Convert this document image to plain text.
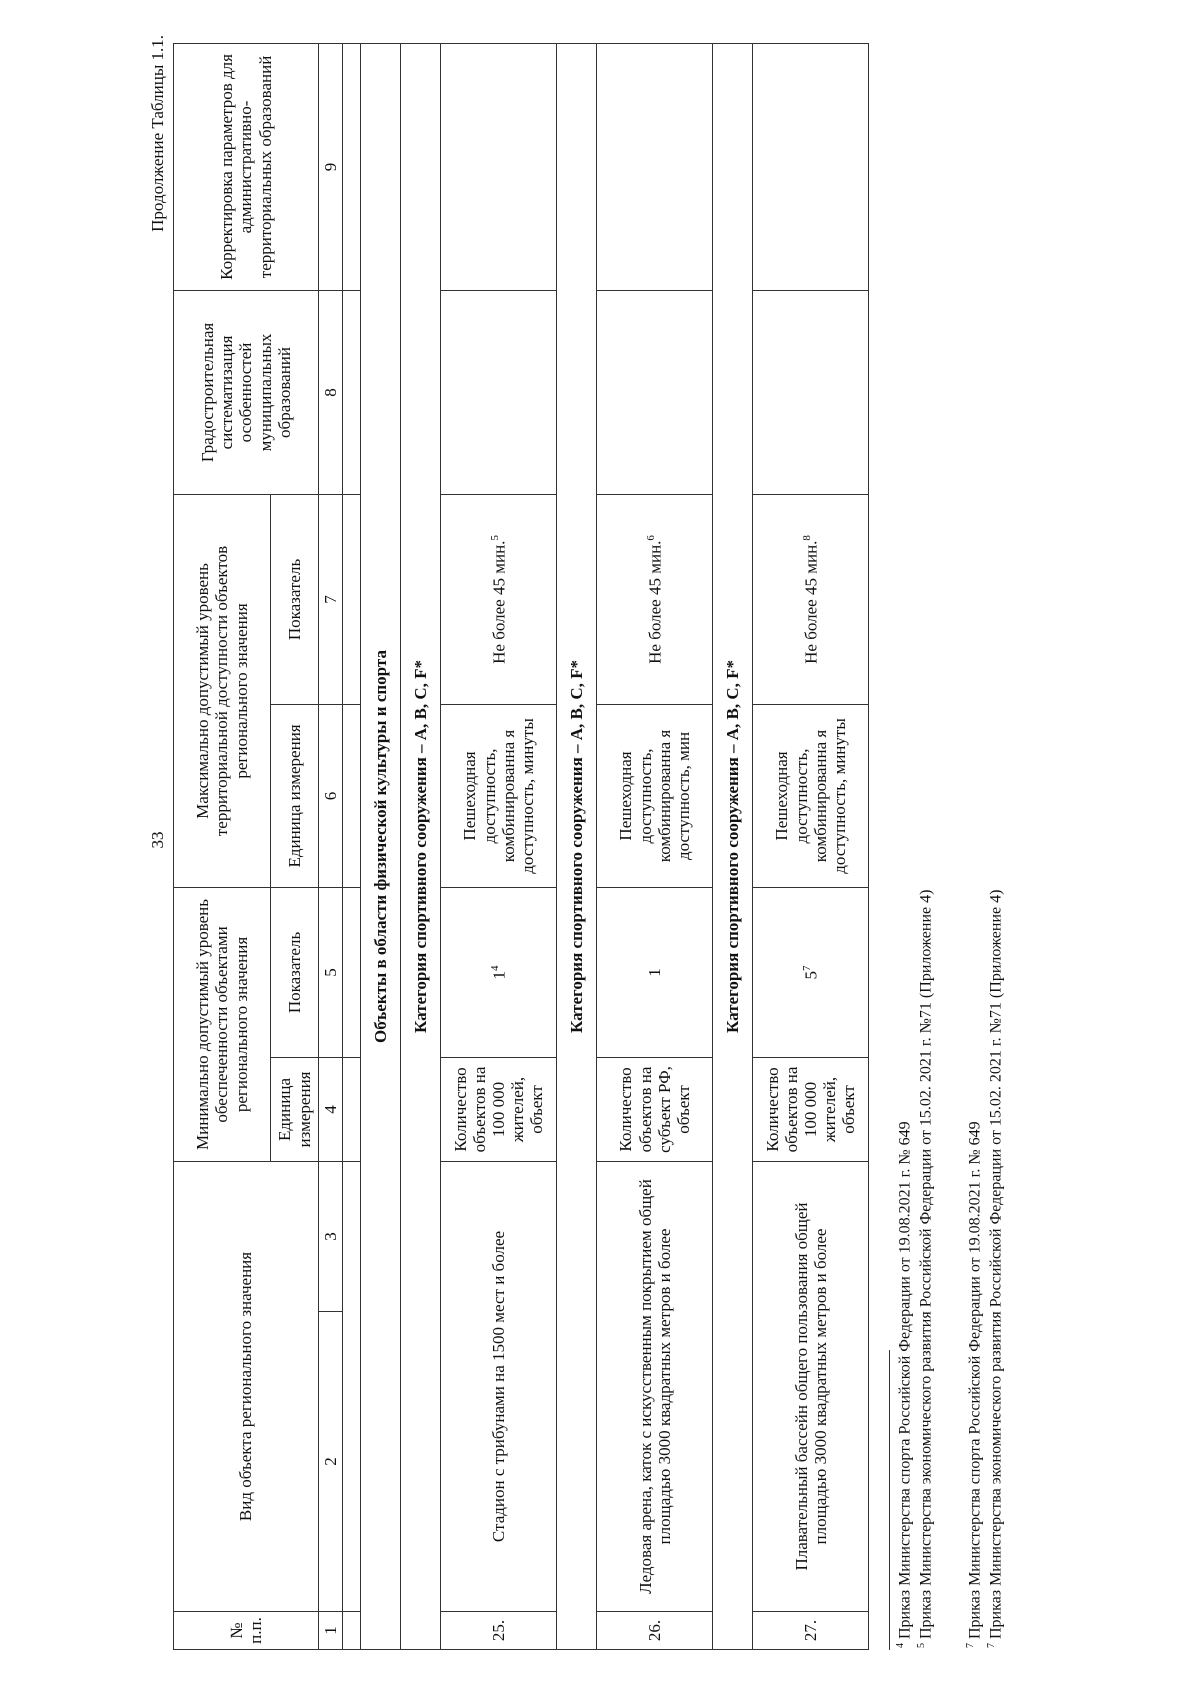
33
Продолжение Таблицы 1.1.
№ п.п.	Вид объекта регионального значения		Минимально допустимый уровень обеспеченности объектами регионального значения		Максимально допустимый уровень территориальной доступности объектов регионального значения		Градостроительная систематизация особенностей муниципальных образований	Корректировка параметров для административно-территориальных образований
			Единица измерения	Показатель	Единица измерения	Показатель		
1	2	3	4	5	6	7	8	9

Объекты в области физической культуры и спорта								
Категория спортивного сооружения – A, B, C, F*								
25.	Стадион с трибунами на 1500 мест и более		Количество объектов на 100 000 жителей, объект	$1^4$	Пешеходная доступность, комбинированна я доступность, минуты	Не более 45 мин.$^5$		
Категория спортивного сооружения – A, B, C, F*								
26.	Ледовая арена, каток с искусственным покрытием общей площадью 3000 квадратных метров и более		Количество объектов на субъект РФ, объект	1	Пешеходная доступность, комбинированна я доступность, мин	Не более 45 мин.$^6$		
Категория спортивного сооружения – A, B, C, F*								
27.	Плавательный бассейн общего пользования общей площадью 3000 квадратных метров и более		Количество объектов на 100 000 жителей, объект	$5^7$	Пешеходная доступность, комбинированна я доступность, минуты	Не более 45 мин.$^8$		
$^4$ Приказ Министерства спорта Российской Федерации от 19.08.2021 г. № 649
$^5$ Приказ Министерства экономического развития Российской Федерации от 15.02. 2021 г. №71 (Приложение 4)
$^7$ Приказ Министерства спорта Российской Федерации от 19.08.2021 г. № 649
$^7$ Приказ Министерства экономического развития Российской Федерации от 15.02. 2021 г. №71 (Приложение 4)
